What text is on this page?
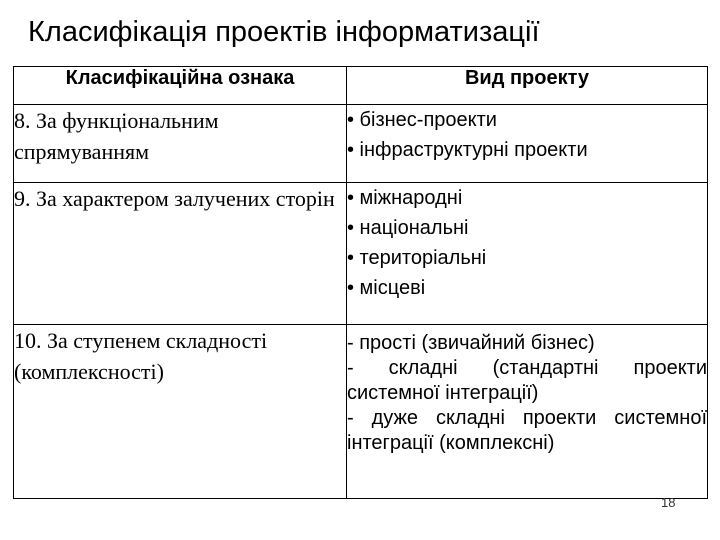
Класифікація проектів інформатизації
Класифікаційна ознака	Вид проекту
8. За функціональним спрямуванням	• бізнес-проекти
• інфраструктурні проекти

9. За характером залучених сторін	• міжнародні
• національні
• територіальні
• місцеві

10. За ступенем складності (комплексності)	- прості (звичайний бізнес)
- складні (стандартні проекти системної інтеграції)
- дуже складні проекти системної інтеграції (комплексні)
18
